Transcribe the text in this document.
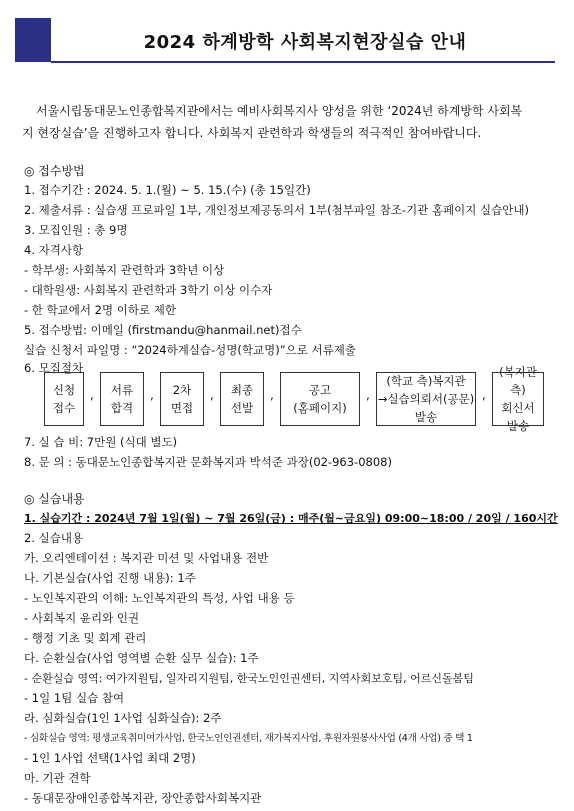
2024 하계방학 사회복지현장실습 안내
서울시립동대문노인종합복지관에서는 예비사회복지사 양성을 위한 ‘2024년 하계방학 사회복
지 현장실습’을 진행하고자 합니다. 사회복지 관련학과 학생들의 적극적인 참여바랍니다.
◎ 접수방법
1. 접수기간 : 2024. 5. 1.(월) ~ 5. 15.(수) (총 15일간)
2. 제출서류 : 실습생 프로파일 1부, 개인정보제공동의서 1부(첨부파일 참조-기관 홈페이지 실습안내)
3. 모집인원 : 총 9명
4. 자격사항
- 학부생: 사회복지 관련학과 3학년 이상
- 대학원생: 사회복지 관련학과 3학기 이상 이수자
- 한 학교에서 2명 이하로 제한
5. 접수방법: 이메일 (firstmandu@hanmail.net)접수
실습 신청서 파일명 : “2024하계실습-성명(학교명)”으로 서류제출
6. 모집절차
신청
접수
, 서류
합격
, 2차
면접
, 최종
선발
,	공고
(홈페이지)
,
(학교 측)복지관
→실습의뢰서(공문)
발송
,
(복지관측)
회신서
발송
7. 실 습 비: 7만원 (식대 별도)
8. 문 의 : 동대문노인종합복지관 문화복지과 박석준 과장(02-963-0808)
◎ 실습내용
1. 실습기간 : 2024년 7월 1일(월) ~ 7월 26일(금) : 매주(월~금요일) 09:00~18:00 / 20일 / 160시간
2. 실습내용
가. 오리엔테이션 : 복지관 미션 및 사업내용 전반
나. 기본실습(사업 진행 내용): 1주
- 노인복지관의 이해: 노인복지관의 특성, 사업 내용 등
- 사회복지 윤리와 인권
- 행정 기초 및 회계 관리
다. 순환실습(사업 영역별 순환 실무 실습): 1주
- 순환실습 영역: 여가지원팀, 일자리지원팀, 한국노인인권센터, 지역사회보호팀, 어르신돌봄팀
- 1일 1팀 실습 참여
라. 심화실습(1인 1사업 심화실습): 2주
- 심화실습 영역: 평생교육취미여가사업, 한국노인인권센터, 재가복지사업, 후원자원봉사사업 (4개 사업) 중 택 1
- 1인 1사업 선택(1사업 최대 2명)
마. 기관 견학
- 동대문장애인종합복지관, 장안종합사회복지관
